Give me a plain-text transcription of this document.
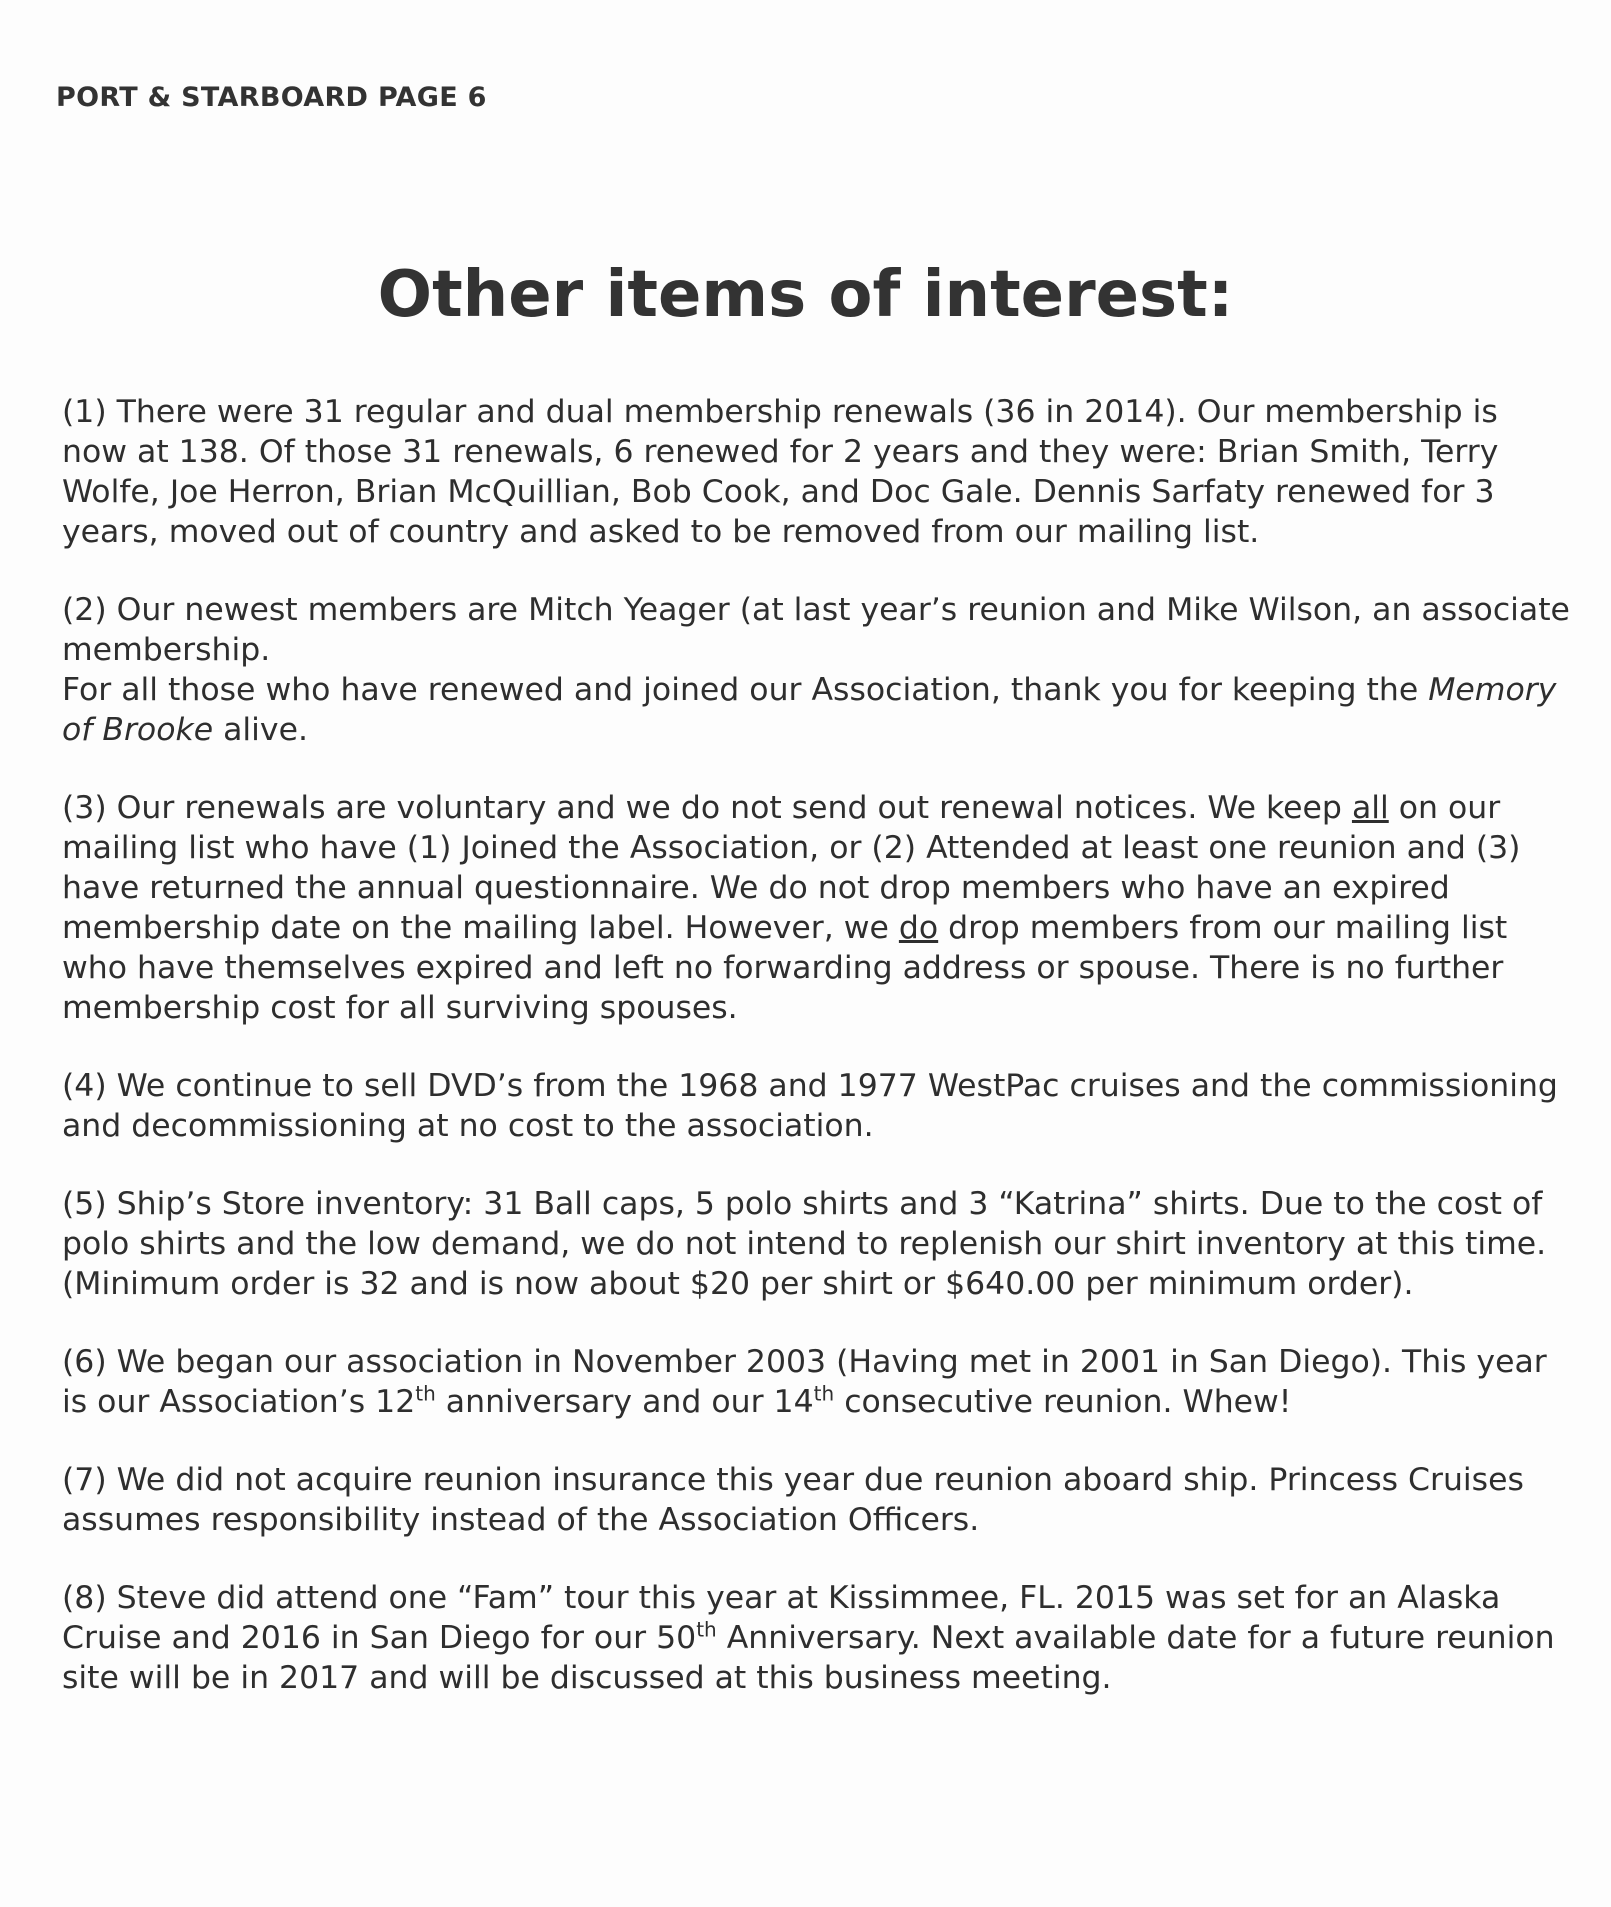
PORT & STARBOARD PAGE 6
Other items of interest:

(1) There were 31 regular and dual membership renewals (36 in 2014). Our membership is now at 138. Of those 31 renewals, 6 renewed for 2 years and they were: Brian Smith, Terry Wolfe, Joe Herron, Brian McQuillian, Bob Cook, and Doc Gale. Dennis Sarfaty renewed for 3 years, moved out of country and asked to be removed from our mailing list.

(2) Our newest members are Mitch Yeager (at last year’s reunion and Mike Wilson, an associate membership.

For all those who have renewed and joined our Association, thank you for keeping the Memory of Brooke alive.

(3) Our renewals are voluntary and we do not send out renewal notices. We keep all on our mailing list who have (1) Joined the Association, or (2) Attended at least one reunion and (3) have returned the annual questionnaire. We do not drop members who have an expired membership date on the mailing label. However, we do drop members from our mailing list who have themselves expired and left no forwarding address or spouse. There is no further membership cost for all surviving spouses.

(4) We continue to sell DVD’s from the 1968 and 1977 WestPac cruises and the commissioning and decommissioning at no cost to the association.

(5) Ship’s Store inventory: 31 Ball caps, 5 polo shirts and 3 “Katrina” shirts. Due to the cost of polo shirts and the low demand, we do not intend to replenish our shirt inventory at this time. (Minimum order is 32 and is now about $20 per shirt or $640.00 per minimum order).

(6) We began our association in November 2003 (Having met in 2001 in San Diego). This year is our Association’s 12th anniversary and our 14th consecutive reunion. Whew!

(7) We did not acquire reunion insurance this year due reunion aboard ship. Princess Cruises assumes responsibility instead of the Association Officers.

(8) Steve did attend one “Fam” tour this year at Kissimmee, FL. 2015 was set for an Alaska Cruise and 2016 in San Diego for our 50th Anniversary. Next available date for a future reunion site will be in 2017 and will be discussed at this business meeting.
